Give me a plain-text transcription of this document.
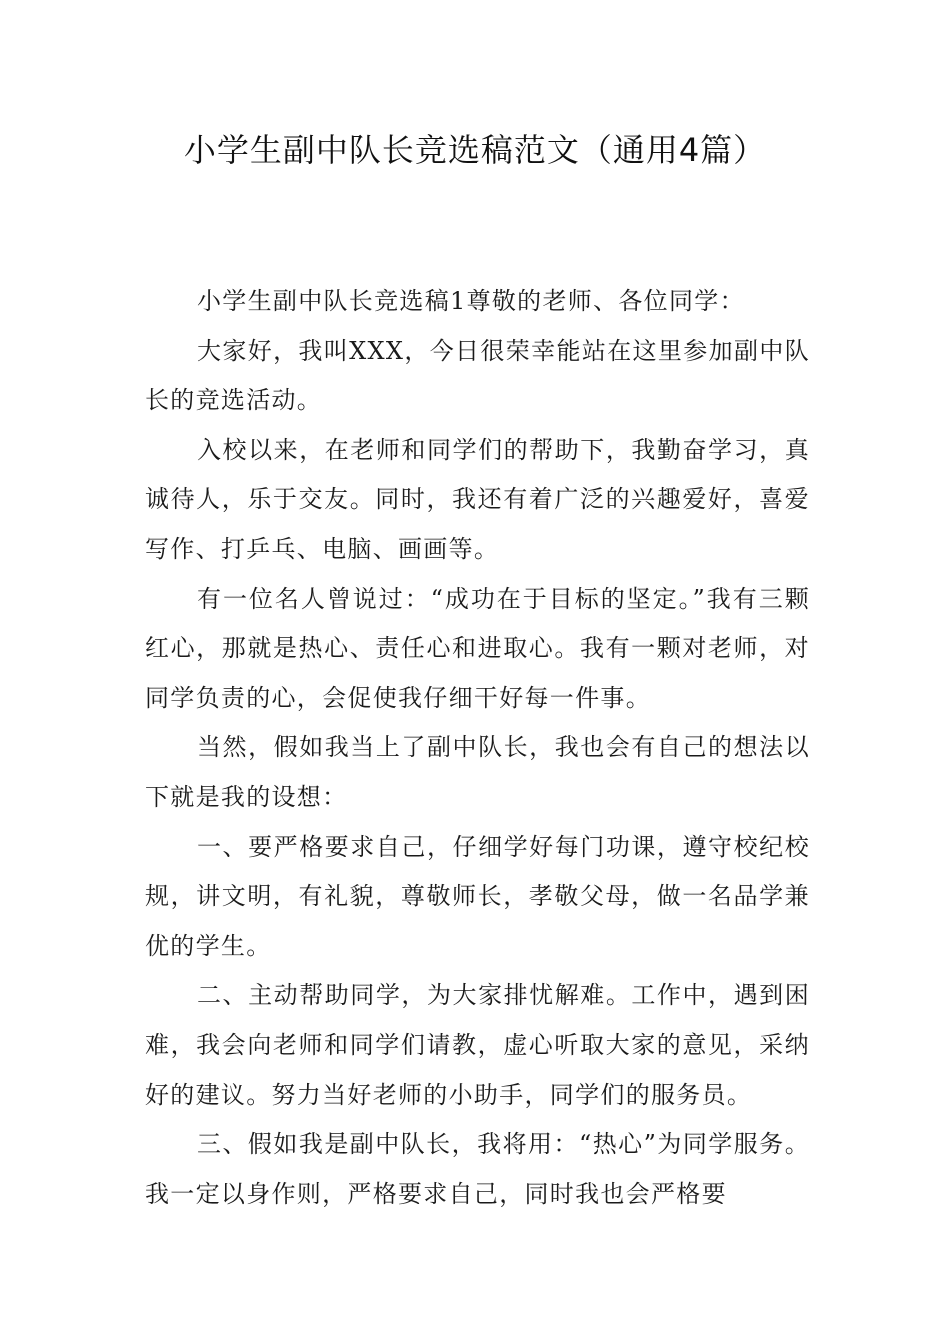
小学生副中队长竞选稿范文（通用4篇）

小学生副中队长竞选稿1尊敬的老师、各位同学：

大家好，我叫XXX，今日很荣幸能站在这里参加副中队长的竞选活动。

入校以来，在老师和同学们的帮助下，我勤奋学习，真诚待人，乐于交友。同时，我还有着广泛的兴趣爱好，喜爱写作、打乒乓、电脑、画画等。

有一位名人曾说过：“成功在于目标的坚定。”我有三颗红心，那就是热心、责任心和进取心。我有一颗对老师，对同学负责的心，会促使我仔细干好每一件事。

当然，假如我当上了副中队长，我也会有自己的想法以下就是我的设想：

一、要严格要求自己，仔细学好每门功课，遵守校纪校规，讲文明，有礼貌，尊敬师长，孝敬父母，做一名品学兼优的学生。

二、主动帮助同学，为大家排忧解难。工作中，遇到困难，我会向老师和同学们请教，虚心听取大家的意见，采纳好的建议。努力当好老师的小助手，同学们的服务员。

三、假如我是副中队长，我将用：“热心”为同学服务。我一定以身作则，严格要求自己，同时我也会严格要
